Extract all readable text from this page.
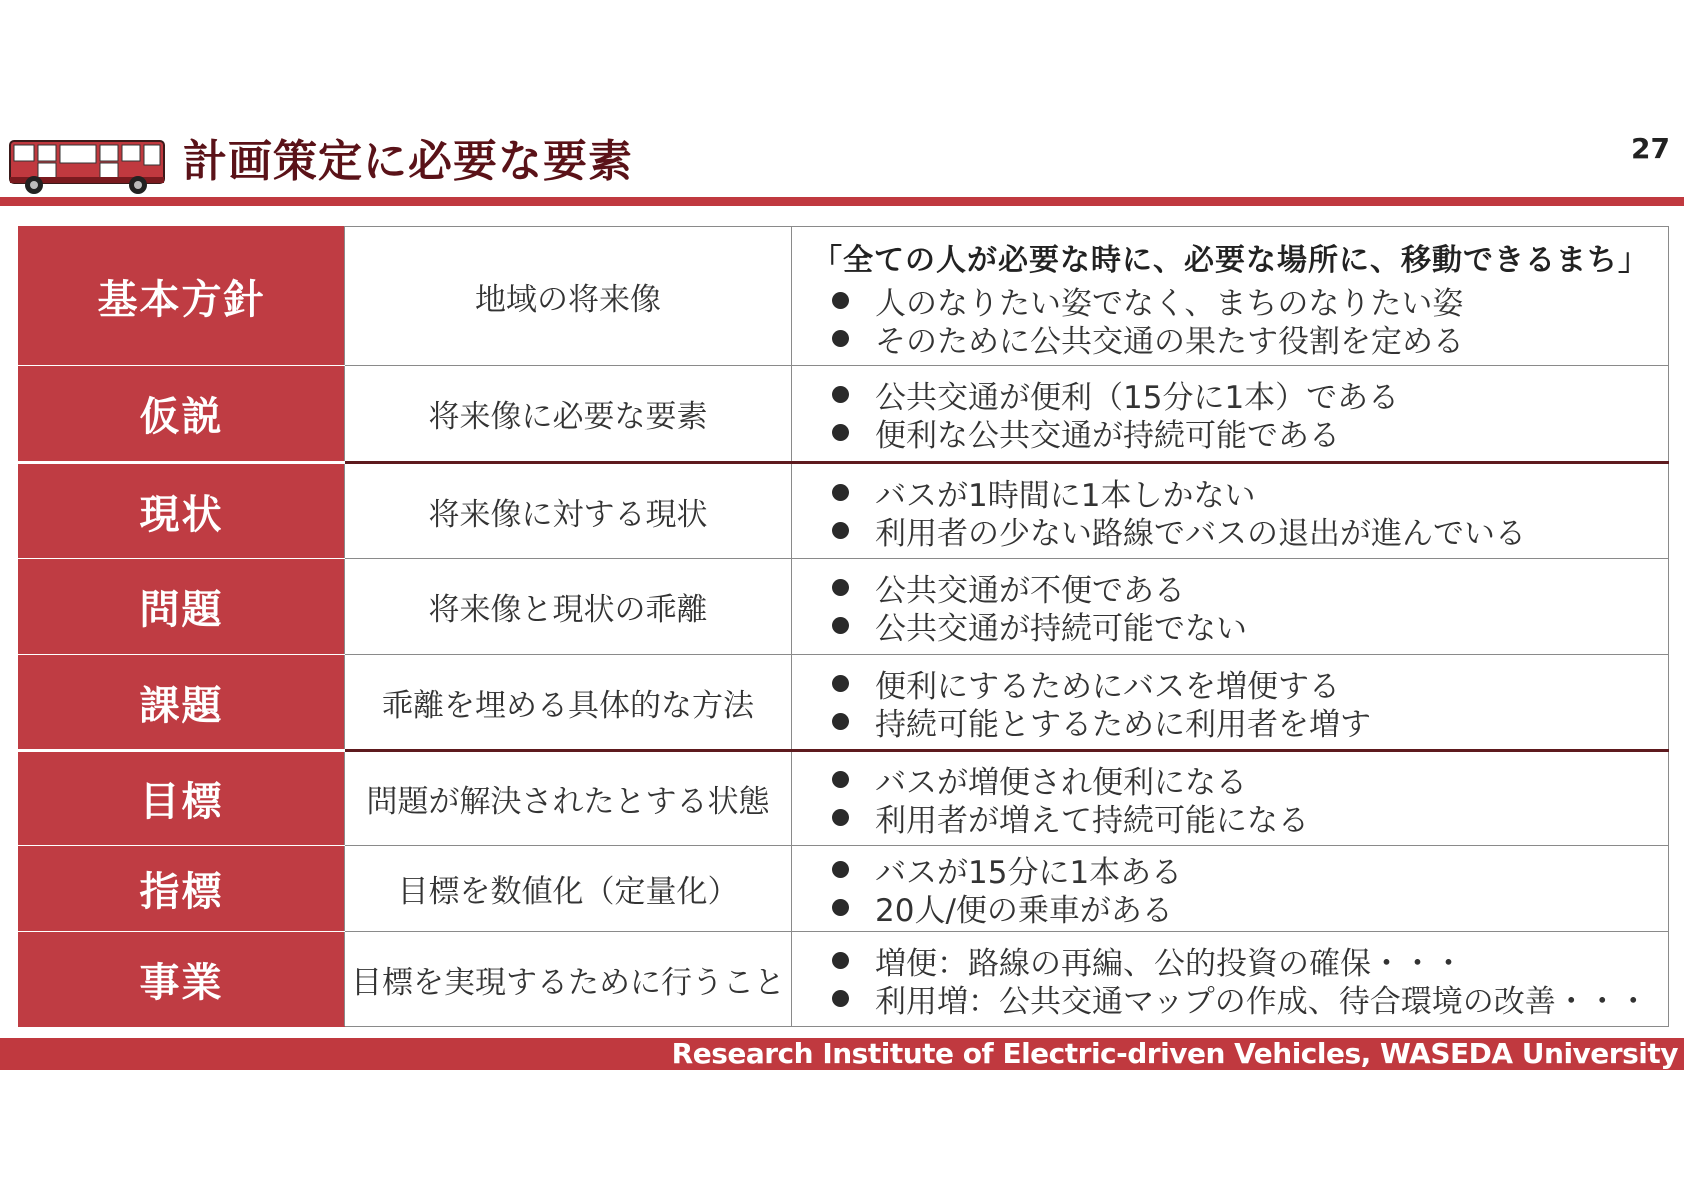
計画策定に必要な要素	27
基本方針	地域の将来像	「全ての人が必要な時に、必要な場所に、移動できるまち」
人のなりたい姿でなく、まちのなりたい姿
そのために公共交通の果たす役割を定める

仮説	将来像に必要な要素	公共交通が便利（15分に1本）である
便利な公共交通が持続可能である

現状	将来像に対する現状	バスが1時間に1本しかない
利用者の少ない路線でバスの退出が進んでいる

問題	将来像と現状の乖離	公共交通が不便である
公共交通が持続可能でない

課題	乖離を埋める具体的な方法	便利にするためにバスを増便する
持続可能とするために利用者を増す

目標	問題が解決されたとする状態	バスが増便され便利になる
利用者が増えて持続可能になる

指標	目標を数値化（定量化）	バスが15分に1本ある
20人/便の乗車がある

事業	目標を実現するために行うこと	増便：路線の再編、公的投資の確保・・・
利用増：公共交通マップの作成、待合環境の改善・・・
Research Institute of Electric-driven Vehicles, WASEDA University
